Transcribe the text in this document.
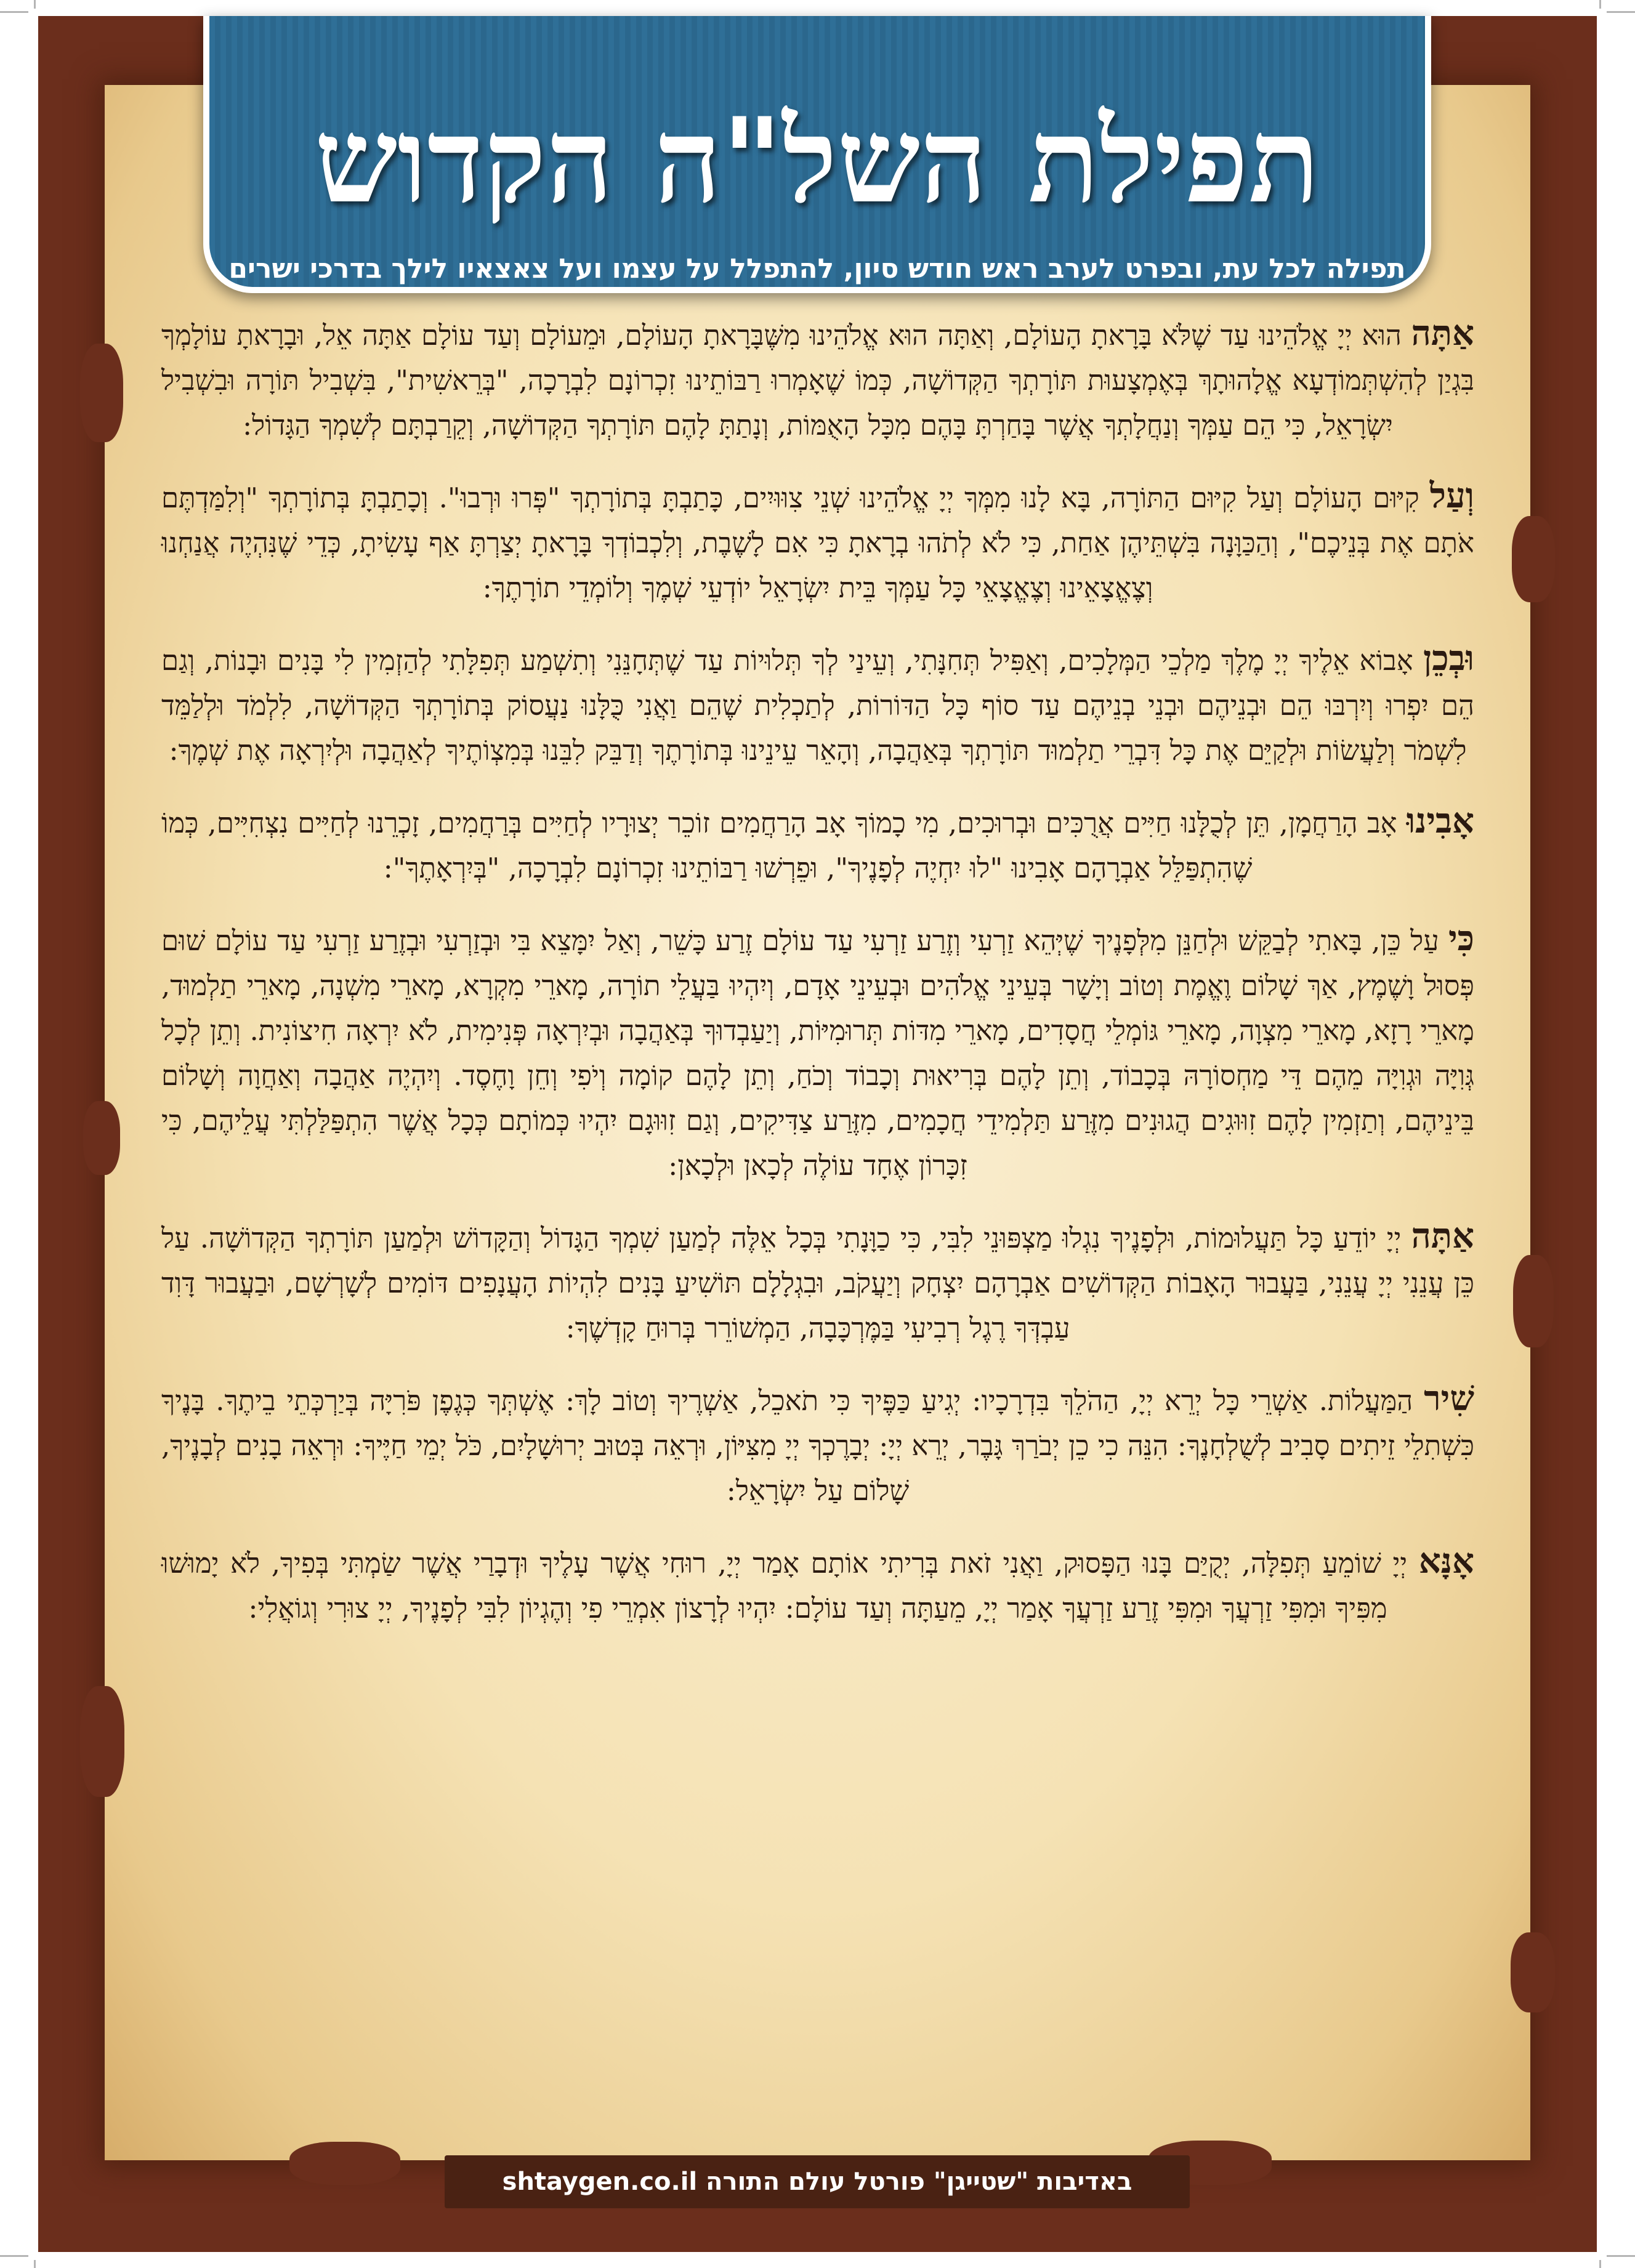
תפילת השל"ה הקדוש
תפילה לכל עת, ובפרט לערב ראש חודש סיון, להתפלל על עצמו ועל צאצאיו לילך בדרכי ישרים

אַתָּה הוּא יְיָ אֱלֹהֵינוּ עַד שֶׁלֹּא בָּרָאתָ הָעוֹלָם, וְאַתָּה הוּא אֱלֹהֵינוּ מִשֶּׁבָּרָאתָ הָעוֹלָם, וּמֵעוֹלָם וְעַד עוֹלָם אַתָּה אֵל, וּבָרָאתָ עוֹלָמְךָ בִּגְיַן לְהִשְׁתְּמוֹדְעָא אֱלָהוּתָךְ בְּאֶמְצָעוּת תּוֹרָתְךָ הַקְּדוֹשָׁה, כְּמוֹ שֶׁאָמְרוּ רַבּוֹתֵינוּ זִכְרוֹנָם לִבְרָכָה, "בְּרֵאשִׁית", בִּשְׁבִיל תּוֹרָה וּבִשְׁבִיל יִשְׂרָאֵל, כִּי הֵם עַמְּךָ וְנַחֲלָתְךָ אֲשֶׁר בָּחַרְתָּ בָּהֶם מִכָּל הָאֻמּוֹת, וְנָתַתָּ לָהֶם תּוֹרָתְךָ הַקְּדוֹשָׁה, וְקֵרַבְתָּם לְשִׁמְךָ הַגָּדוֹל:

וְעַל קִיּוּם הָעוֹלָם וְעַל קִיּוּם הַתּוֹרָה, בָּא לָנוּ מִמְּךָ יְיָ אֱלֹהֵינוּ שְׁנֵי צִוּוּיִים, כָּתַבְתָּ בְּתוֹרָתְךָ "פְּרוּ וּרְבוּ". וְכָתַבְתָּ בְּתוֹרָתְךָ "וְלִמַּדְתֶּם אֹתָם אֶת בְּנֵיכֶם", וְהַכַּוָּנָה בִּשְׁתֵּיהֶן אַחַת, כִּי לֹא לְתֹהוּ בְרָאתָ כִּי אִם לָשֶׁבֶת, וְלִכְבוֹדְךָ בָּרָאתָ יְצַרְתָּ אַף עָשִׂיתָ, כְּדֵי שֶׁנִּהְיֶה אֲנַחְנוּ וְצֶאֱצָאֵינוּ וְצֶאֱצָאֵי כָּל עַמְּךָ בֵּית יִשְׂרָאֵל יוֹדְעֵי שְׁמֶךָ וְלוֹמְדֵי תוֹרָתֶךָ:

וּבְכֵן אָבוֹא אֵלֶיךָ יְיָ מֶלֶךְ מַלְכֵי הַמְּלָכִים, וְאַפִּיל תְּחִנָּתִי, וְעֵינַי לְךָ תְּלוּיוֹת עַד שֶׁתְּחָנֵּנִי וְתִשְׁמַע תְּפִלָּתִי לְהַזְמִין לִי בָּנִים וּבָנוֹת, וְגַם הֵם יִפְרוּ וְיִרְבּוּ הֵם וּבְנֵיהֶם וּבְנֵי בְנֵיהֶם עַד סוֹף כָּל הַדּוֹרוֹת, לְתַכְלִית שֶׁהֵם וַאֲנִי כֻּלָּנוּ נַעֲסוֹק בְּתוֹרָתְךָ הַקְּדוֹשָׁה, לִלְמֹד וּלְלַמֵּד לִשְׁמֹר וְלַעֲשׂוֹת וּלְקַיֵּם אֶת כָּל דִּבְרֵי תַלְמוּד תּוֹרָתְךָ בְּאַהֲבָה, וְהָאֵר עֵינֵינוּ בְּתוֹרָתֶךָ וְדַבֵּק לִבֵּנוּ בְּמִצְוֹתֶיךָ לְאַהֲבָה וּלְיִרְאָה אֶת שְׁמֶךָ:

אָבִינוּ אָב הָרַחֲמָן, תֵּן לְכֻלָּנוּ חַיִּים אֲרֻכִּים וּבְרוּכִים, מִי כָמוֹךָ אָב הָרַחֲמִים זוֹכֵר יְצוּרָיו לְחַיִּים בְּרַחֲמִים, זָכְרֵנוּ לְחַיִּים נִצְחִיִּים, כְּמוֹ שֶׁהִתְפַּלֵּל אַבְרָהָם אָבִינוּ "לוּ יִחְיֶה לְפָנֶיךָ", וּפֵרְשׁוּ רַבּוֹתֵינוּ זִכְרוֹנָם לִבְרָכָה, "בְּיִרְאָתֶךָ":

כִּי עַל כֵּן, בָּאתִי לְבַקֵּשׁ וּלְחַנֵּן מִלְּפָנֶיךָ שֶׁיְּהֵא זַרְעִי וְזֶרַע זַרְעִי עַד עוֹלָם זֶרַע כָּשֵׁר, וְאַל יִמָּצֵא בִּי וּבְזַרְעִי וּבְזֶרַע זַרְעִי עַד עוֹלָם שׁוּם פְּסוּל וָשֶׁמֶץ, אַךְ שָׁלוֹם וֶאֱמֶת וְטוֹב וְיָשָׁר בְּעֵינֵי אֱלֹהִים וּבְעֵינֵי אָדָם, וְיִהְיוּ בַּעֲלֵי תוֹרָה, מָארֵי מִקְרָא, מָארֵי מִשְׁנָה, מָארֵי תַלְמוּד, מָארֵי רָזָא, מָארֵי מִצְוָה, מָארֵי גּוֹמְלֵי חֲסָדִים, מָארֵי מִדּוֹת תְּרוּמִיּוֹת, וְיַעַבְדוּךָ בְּאַהֲבָה וּבְיִרְאָה פְּנִימִית, לֹא יִרְאָה חִיצוֹנִית. וְתֵן לְכָל גְּוִיָּה וּגְוִיָּה מֵהֶם דֵּי מַחְסוֹרָהּ בְּכָבוֹד, וְתֵן לָהֶם בְּרִיאוּת וְכָבוֹד וְכֹחַ, וְתֵן לָהֶם קוֹמָה וְיֹפִי וְחֵן וָחֶסֶד. וְיִהְיֶה אַהֲבָה וְאַחֲוָה וְשָׁלוֹם בֵּינֵיהֶם, וְתַזְמִין לָהֶם זִוּוּגִים הֲגוּנִים מִזֶּרַע תַּלְמִידֵי חֲכָמִים, מִזֶּרַע צַדִּיקִים, וְגַם זִוּוּגָם יִהְיוּ כְּמוֹתָם כְּכָל אֲשֶׁר הִתְפַּלַּלְתִּי עֲלֵיהֶם, כִּי זִכָּרוֹן אֶחָד עוֹלֶה לְכָאן וּלְכָאן:

אַתָּה יְיָ יוֹדֵעַ כָּל תַּעֲלוּמוֹת, וּלְפָנֶיךָ נִגְלוּ מַצְפּוּנֵי לִבִּי, כִּי כַוָּנָתִי בְּכָל אֵלֶּה לְמַעַן שִׁמְךָ הַגָּדוֹל וְהַקָּדוֹשׁ וּלְמַעַן תּוֹרָתְךָ הַקְּדוֹשָׁה. עַל כֵּן עֲנֵנִי יְיָ עֲנֵנִי, בַּעֲבוּר הָאָבוֹת הַקְּדוֹשִׁים אַבְרָהָם יִצְחָק וְיַעֲקֹב, וּבִגְלָלָם תּוֹשִׁיעַ בָּנִים לִהְיוֹת הָעֲנָפִים דּוֹמִים לְשָׁרְשָׁם, וּבַעֲבוּר דָּוִד עַבְדְּךָ רֶגֶל רְבִיעִי בַּמֶּרְכָּבָה, הַמְשׁוֹרֵר בְּרוּחַ קָדְשֶׁךָ:

שִׁיר הַמַּעֲלוֹת. אַשְׁרֵי כָּל יְרֵא יְיָ, הַהֹלֵךְ בִּדְרָכָיו: יְגִיעַ כַּפֶּיךָ כִּי תֹאכֵל, אַשְׁרֶיךָ וְטוֹב לָךְ: אֶשְׁתְּךָ כְּגֶפֶן פֹּרִיָּה בְּיַרְכְּתֵי בֵיתֶךָ. בָּנֶיךָ כִּשְׁתִלֵי זֵיתִים סָבִיב לְשֻׁלְחָנֶךָ: הִנֵּה כִי כֵן יְבֹרַךְ גָּבֶר, יְרֵא יְיָ: יְבָרֶכְךָ יְיָ מִצִּיּוֹן, וּרְאֵה בְּטוּב יְרוּשָׁלָיִם, כֹּל יְמֵי חַיֶּיךָ: וּרְאֵה בָנִים לְבָנֶיךָ, שָׁלוֹם עַל יִשְׂרָאֵל:

אָנָּא יְיָ שׁוֹמֵעַ תְּפִלָּה, יְקֻיַּם בָּנוּ הַפָּסוּק, וַאֲנִי זֹאת בְּרִיתִי אוֹתָם אָמַר יְיָ, רוּחִי אֲשֶׁר עָלֶיךָ וּדְבָרַי אֲשֶׁר שַׂמְתִּי בְּפִיךָ, לֹא יָמוּשׁוּ מִפִּיךָ וּמִפִּי זַרְעֲךָ וּמִפִּי זֶרַע זַרְעֲךָ אָמַר יְיָ, מֵעַתָּה וְעַד עוֹלָם: יִהְיוּ לְרָצוֹן אִמְרֵי פִי וְהֶגְיוֹן לִבִּי לְפָנֶיךָ, יְיָ צוּרִי וְגוֹאֲלִי:

באדיבות "שטייגן" פורטל עולם התורה shtaygen.co.il
